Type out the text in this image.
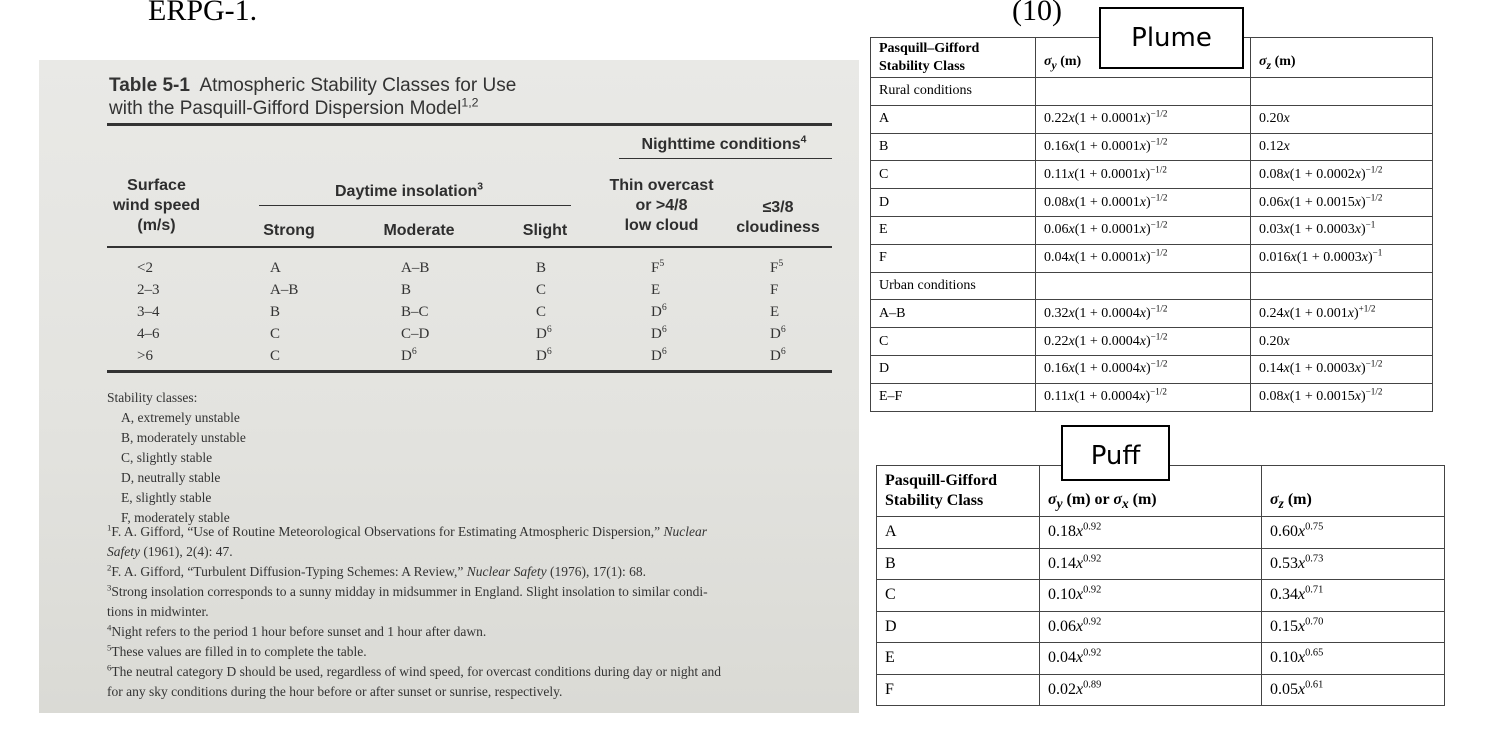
ERPG-1.	(10)
Table 5-1 Atmospheric Stability Classes for Use
with the Pasquill-Gifford Dispersion Model$^{1,2}$
Nighttime conditions$^4$
Surface
wind speed
(m/s)
Daytime insolation$^3$
Strong	Moderate	Slight
Thin overcast
or >4/8
low cloud
≤3/8
cloudiness
<2	A	A–B	B	$F^5$	$F^5$
2–3	A–B	B	C	E	F
3–4	B	B–C	C	$D^6$	E
4–6	C	C–D	$D^6$	$D^6$	$D^6$
>6	C	$D^6$	$D^6$	$D^6$	$D^6$
Stability classes:
A, extremely unstable
B, moderately unstable
C, slightly stable
D, neutrally stable
E, slightly stable
F, moderately stable
$^1$F. A. Gifford, “Use of Routine Meteorological Observations for Estimating Atmospheric Dispersion,” Nuclear
Safety (1961), 2(4): 47.
$^2$F. A. Gifford, “Turbulent Diffusion-Typing Schemes: A Review,” Nuclear Safety (1976), 17(1): 68.
$^3$Strong insolation corresponds to a sunny midday in midsummer in England. Slight insolation to similar condi-
tions in midwinter.
$^4$Night refers to the period 1 hour before sunset and 1 hour after dawn.
$^5$These values are filled in to complete the table.
$^6$The neutral category D should be used, regardless of wind speed, for overcast conditions during day or night and
for any sky conditions during the hour before or after sunset or sunrise, respectively.
Pasquill–Gifford
Stability Class	$\sigma_y$ (m)	$\sigma_z$ (m)
Rural conditions		
A	$0.22x(1 + 0.0001x)^{-1/2}$	0.20x
B	$0.16x(1 + 0.0001x)^{-1/2}$	0.12x
C	$0.11x(1 + 0.0001x)^{-1/2}$	$0.08x(1 + 0.0002x)^{-1/2}$
D	$0.08x(1 + 0.0001x)^{-1/2}$	$0.06x(1 + 0.0015x)^{-1/2}$
E	$0.06x(1 + 0.0001x)^{-1/2}$	$0.03x(1 + 0.0003x)^{-1}$
F	$0.04x(1 + 0.0001x)^{-1/2}$	$0.016x(1 + 0.0003x)^{-1}$
Urban conditions		
A–B	$0.32x(1 + 0.0004x)^{-1/2}$	$0.24x(1 + 0.001x)^{+1/2}$
C	$0.22x(1 + 0.0004x)^{-1/2}$	0.20x
D	$0.16x(1 + 0.0004x)^{-1/2}$	$0.14x(1 + 0.0003x)^{-1/2}$
E–F	$0.11x(1 + 0.0004x)^{-1/2}$	$0.08x(1 + 0.0015x)^{-1/2}$
Plume
Pasquill-Gifford
Stability Class	$\sigma_y$ (m) or $\sigma_x$ (m)	$\sigma_z$ (m)
A	$0.18x^{0.92}$	$0.60x^{0.75}$
B	$0.14x^{0.92}$	$0.53x^{0.73}$
C	$0.10x^{0.92}$	$0.34x^{0.71}$
D	$0.06x^{0.92}$	$0.15x^{0.70}$
E	$0.04x^{0.92}$	$0.10x^{0.65}$
F	$0.02x^{0.89}$	$0.05x^{0.61}$
Puff
